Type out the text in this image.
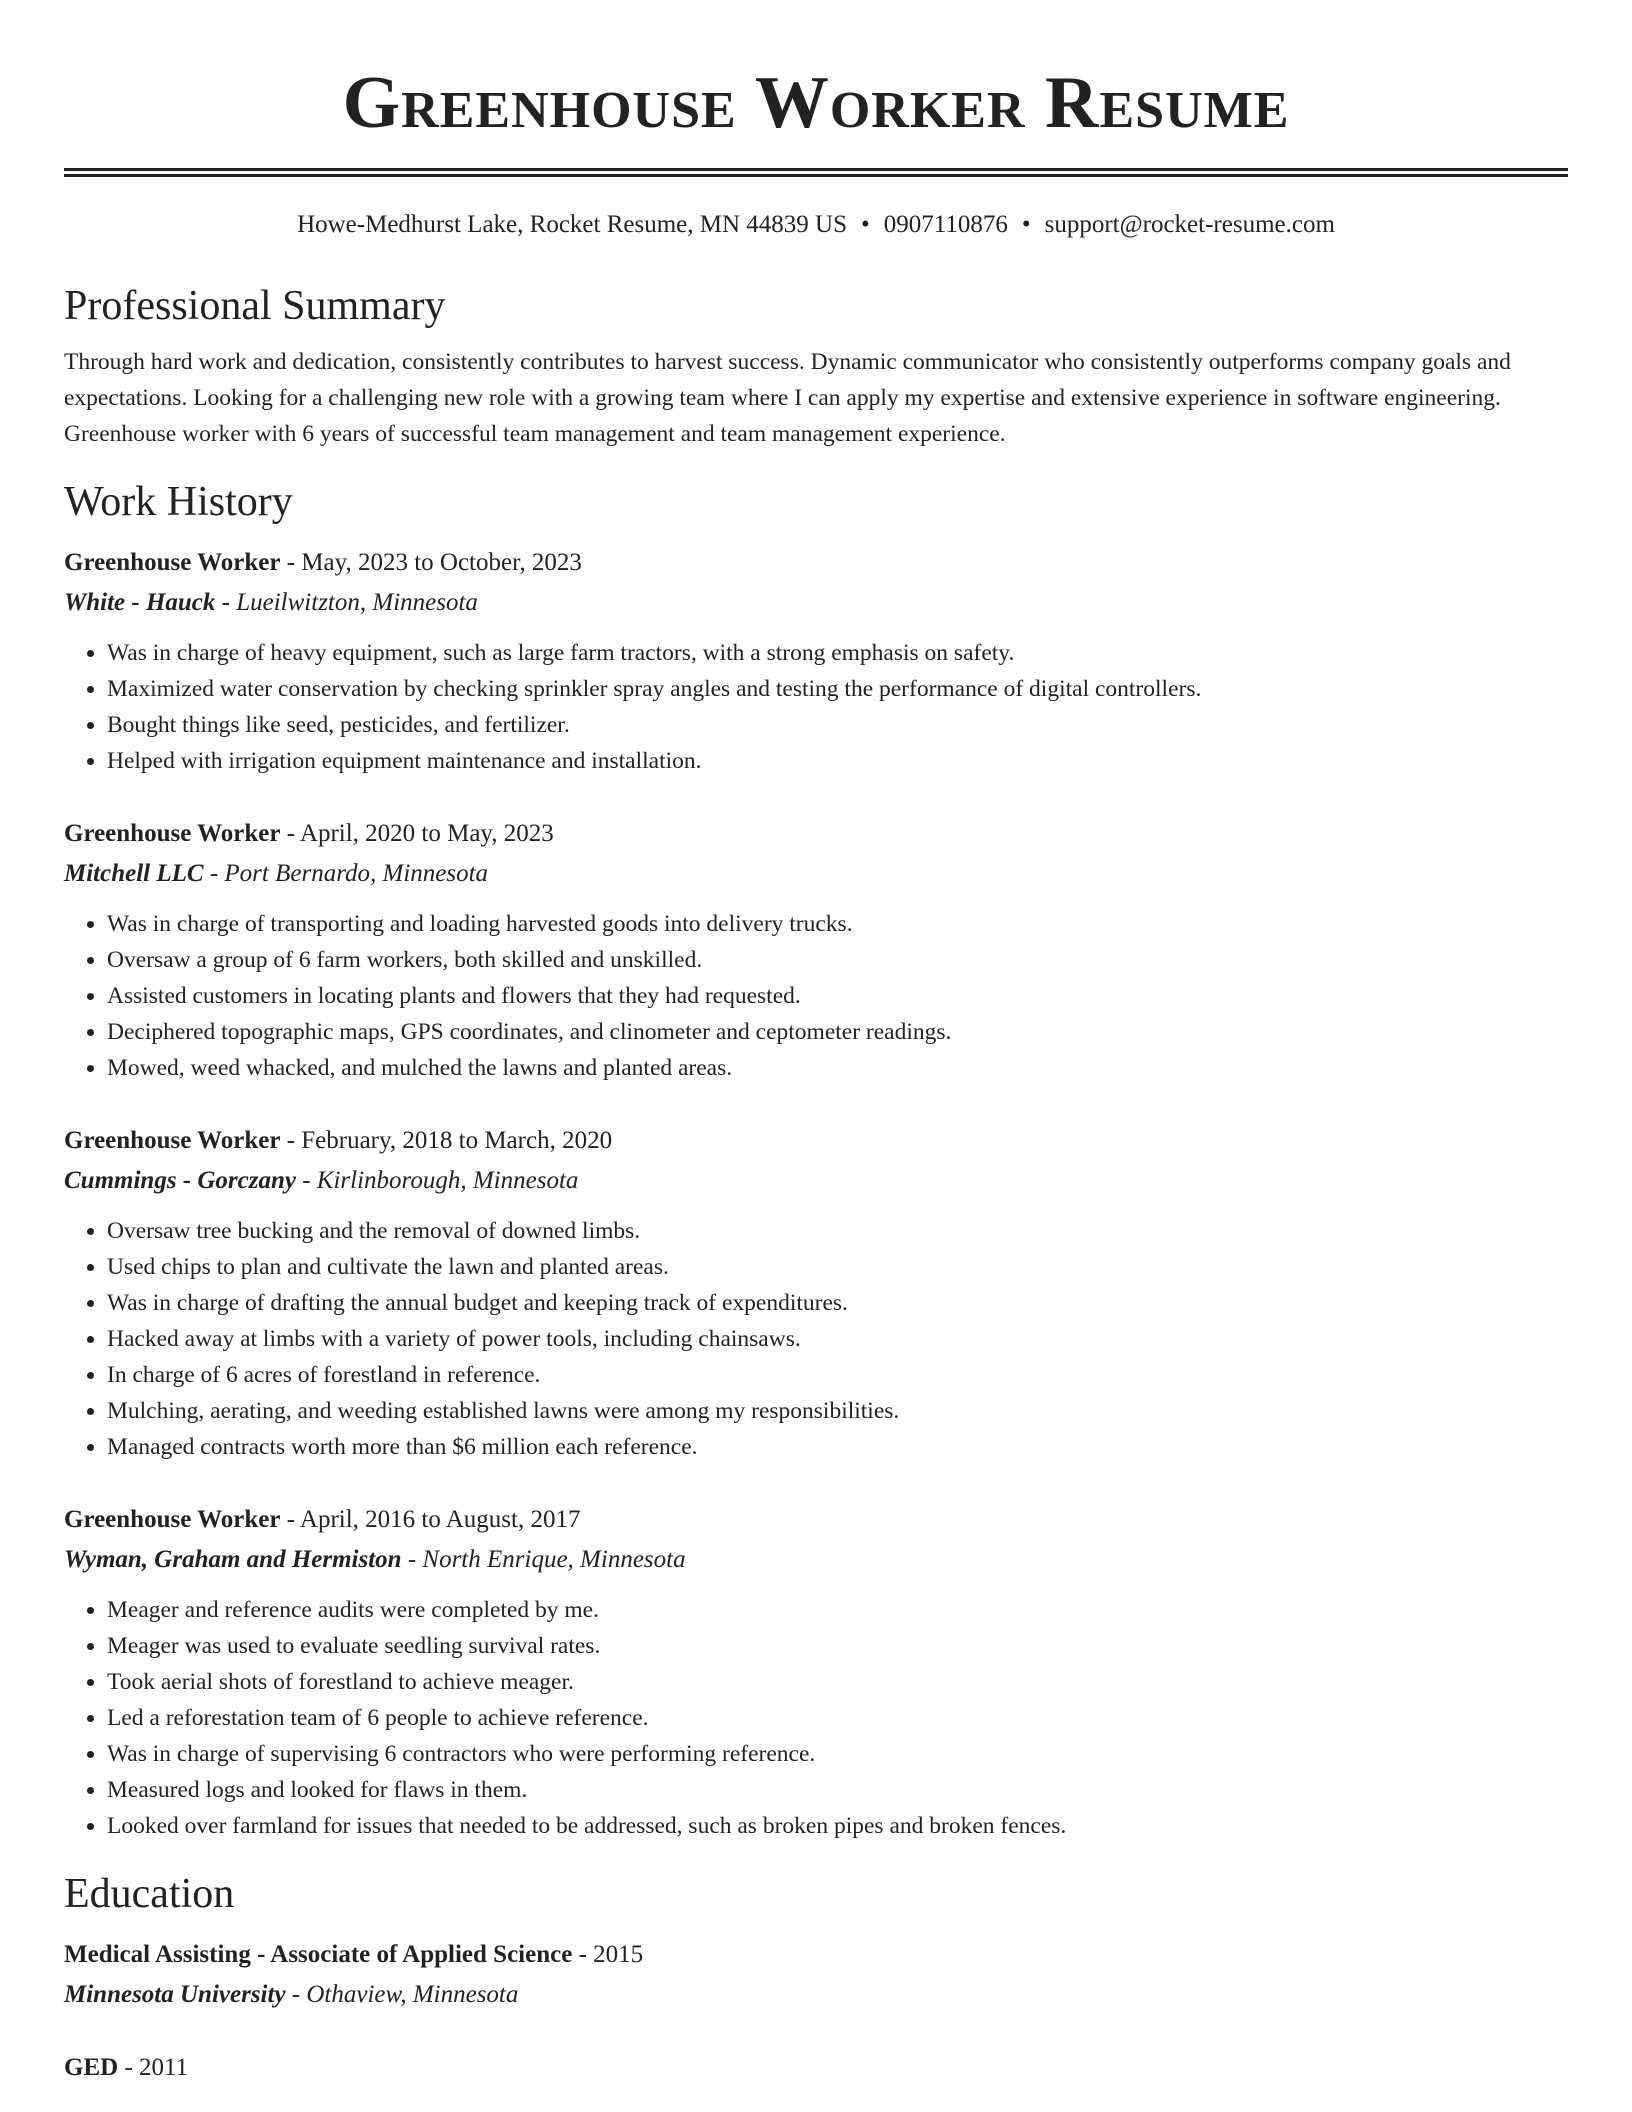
Greenhouse Worker Resume
Howe-Medhurst Lake, Rocket Resume, MN 44839 US • 0907110876 • support@rocket-resume.com
Professional Summary

Through hard work and dedication, consistently contributes to harvest success. Dynamic communicator who consistently outperforms company goals and expectations. Looking for a challenging new role with a growing team where I can apply my expertise and extensive experience in software engineering. Greenhouse worker with 6 years of successful team management and team management experience.

Work History
Greenhouse Worker - May, 2023 to October, 2023
White - Hauck - Lueilwitzton, Minnesota
• Was in charge of heavy equipment, such as large farm tractors, with a strong emphasis on safety.
• Maximized water conservation by checking sprinkler spray angles and testing the performance of digital controllers.
• Bought things like seed, pesticides, and fertilizer.
• Helped with irrigation equipment maintenance and installation.
Greenhouse Worker - April, 2020 to May, 2023
Mitchell LLC - Port Bernardo, Minnesota
• Was in charge of transporting and loading harvested goods into delivery trucks.
• Oversaw a group of 6 farm workers, both skilled and unskilled.
• Assisted customers in locating plants and flowers that they had requested.
• Deciphered topographic maps, GPS coordinates, and clinometer and ceptometer readings.
• Mowed, weed whacked, and mulched the lawns and planted areas.
Greenhouse Worker - February, 2018 to March, 2020
Cummings - Gorczany - Kirlinborough, Minnesota
• Oversaw tree bucking and the removal of downed limbs.
• Used chips to plan and cultivate the lawn and planted areas.
• Was in charge of drafting the annual budget and keeping track of expenditures.
• Hacked away at limbs with a variety of power tools, including chainsaws.
• In charge of 6 acres of forestland in reference.
• Mulching, aerating, and weeding established lawns were among my responsibilities.
• Managed contracts worth more than $6 million each reference.
Greenhouse Worker - April, 2016 to August, 2017
Wyman, Graham and Hermiston - North Enrique, Minnesota
• Meager and reference audits were completed by me.
• Meager was used to evaluate seedling survival rates.
• Took aerial shots of forestland to achieve meager.
• Led a reforestation team of 6 people to achieve reference.
• Was in charge of supervising 6 contractors who were performing reference.
• Measured logs and looked for flaws in them.
• Looked over farmland for issues that needed to be addressed, such as broken pipes and broken fences.
Education
Medical Assisting - Associate of Applied Science - 2015
Minnesota University - Othaview, Minnesota
GED - 2011
